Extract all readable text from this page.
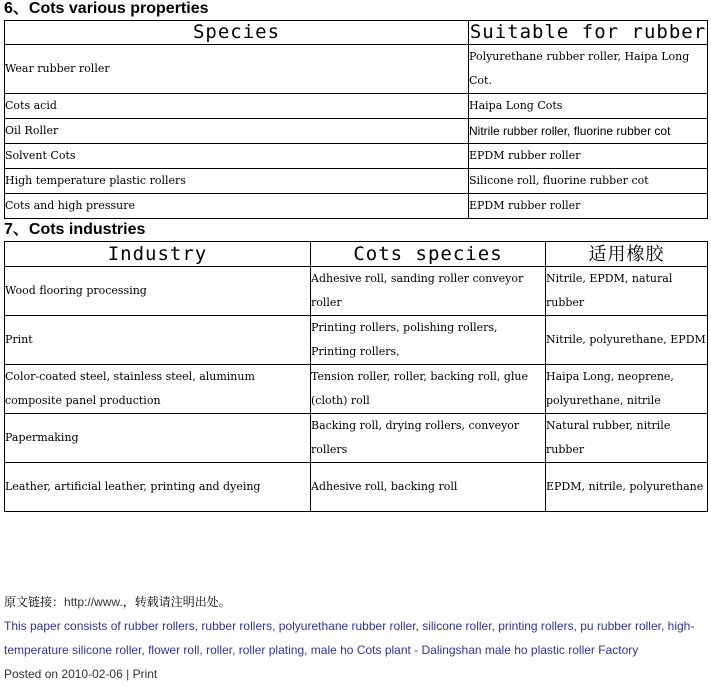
6、Cots various properties
Species	Suitable for rubber
Wear rubber roller	Polyurethane rubber roller, Haipa Long Cot.
Cots acid	Haipa Long Cots
Oil Roller	Nitrile rubber roller, fluorine rubber cot
Solvent Cots	EPDM rubber roller
High temperature plastic rollers	Silicone roll, fluorine rubber cot
Cots and high pressure	EPDM rubber roller
7、Cots industries
Industry	Cots species	适用橡胶
Wood flooring processing	Adhesive roll, sanding roller conveyor roller	Nitrile, EPDM, natural rubber
Print	Printing rollers, polishing rollers, Printing rollers,	Nitrile, polyurethane, EPDM
Color-coated steel, stainless steel, aluminum composite panel production	Tension roller, roller, backing roll, glue (cloth) roll	Haipa Long, neoprene, polyurethane, nitrile
Papermaking	Backing roll, drying rollers, conveyor rollers	Natural rubber, nitrile rubber
Leather, artificial leather, printing and dyeing	Adhesive roll, backing roll	EPDM, nitrile, polyurethane
原文链接：http://www.，转载请注明出处。
This paper consists of rubber rollers, rubber rollers, polyurethane rubber roller, silicone roller, printing rollers, pu rubber roller, high-temperature silicone roller, flower roll, roller, roller plating, male ho Cots plant - Dalingshan male ho plastic roller Factory
Posted on 2010-02-06 | Print
